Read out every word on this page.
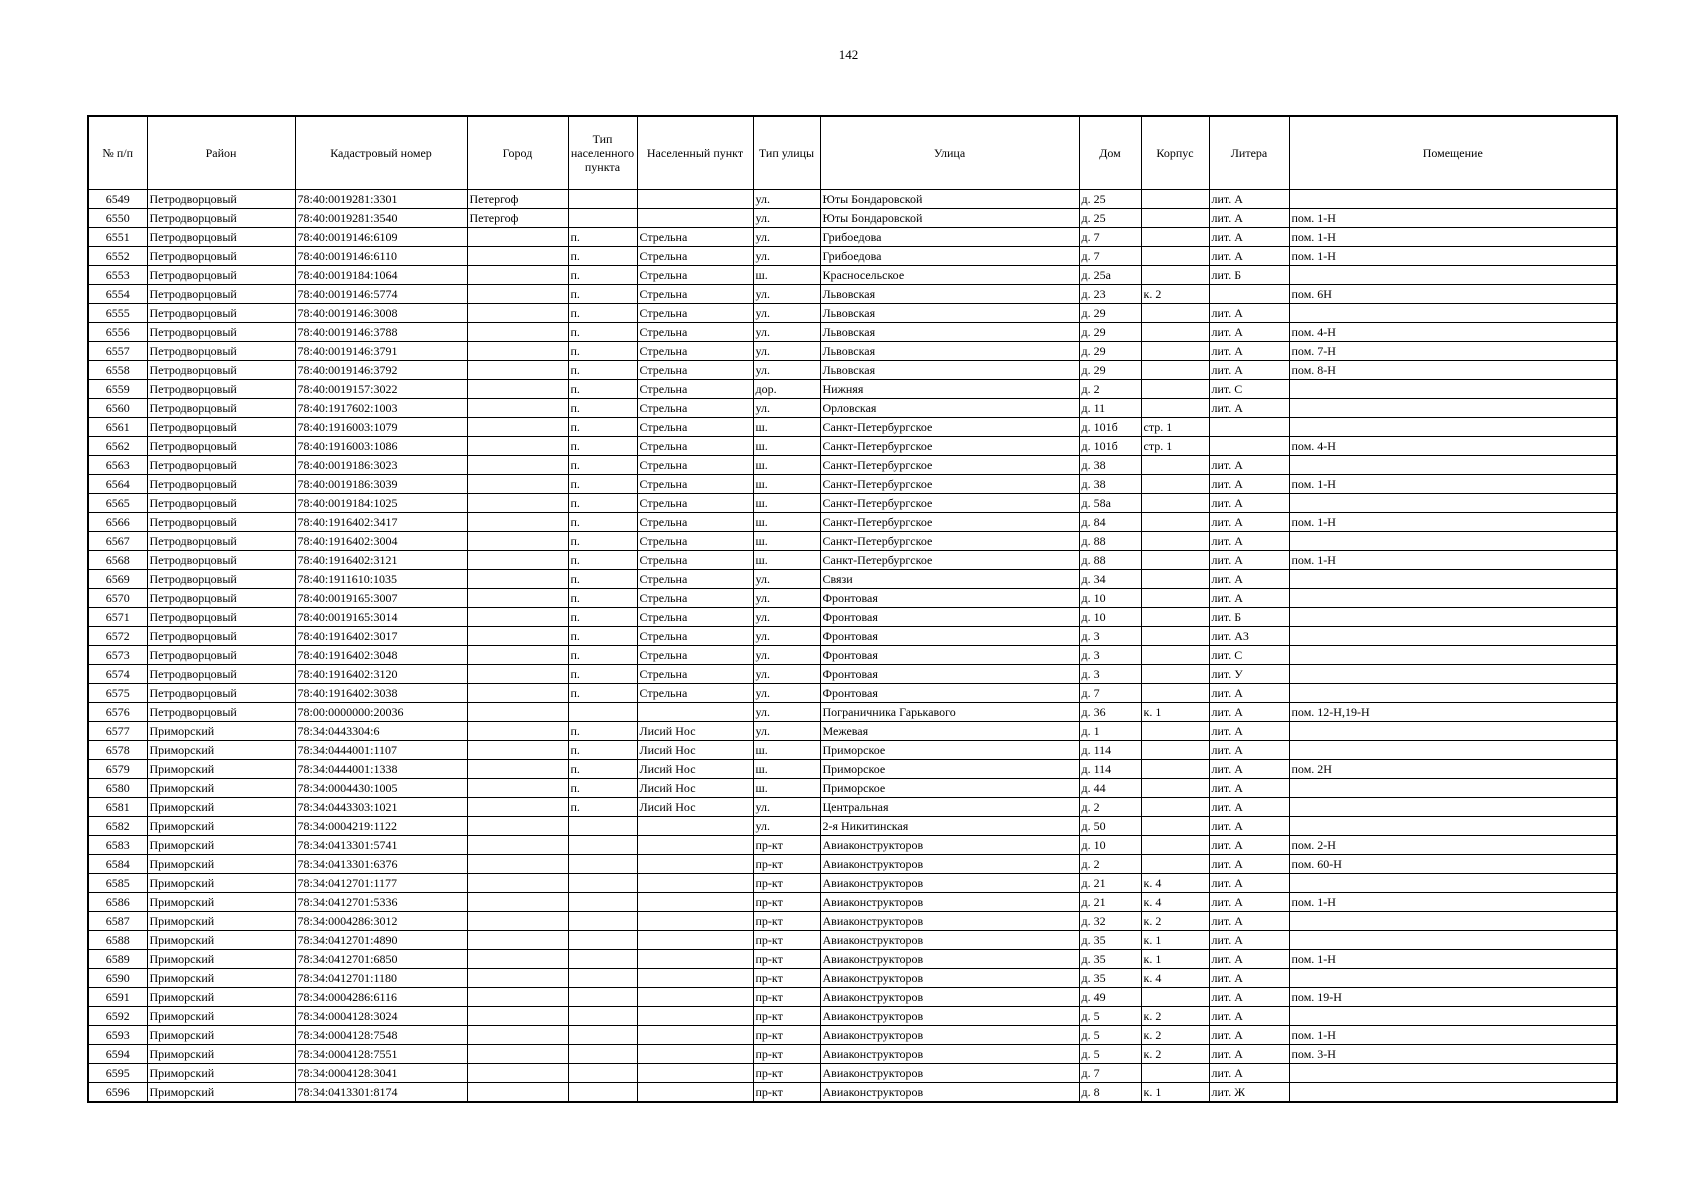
142
№ п/п	Район	Кадастровый номер	Город	Тип населенного пункта	Населенный пункт	Тип улицы	Улица	Дом	Корпус	Литера	Помещение
6549	Петродворцовый	78:40:0019281:3301	Петергоф			ул.	Юты Бондаровской	д. 25		лит. А	
6550	Петродворцовый	78:40:0019281:3540	Петергоф			ул.	Юты Бондаровской	д. 25		лит. А	пом. 1-Н
6551	Петродворцовый	78:40:0019146:6109		п.	Стрельна	ул.	Грибоедова	д. 7		лит. А	пом. 1-Н
6552	Петродворцовый	78:40:0019146:6110		п.	Стрельна	ул.	Грибоедова	д. 7		лит. А	пом. 1-Н
6553	Петродворцовый	78:40:0019184:1064		п.	Стрельна	ш.	Красносельское	д. 25а		лит. Б	
6554	Петродворцовый	78:40:0019146:5774		п.	Стрельна	ул.	Львовская	д. 23	к. 2		пом. 6Н
6555	Петродворцовый	78:40:0019146:3008		п.	Стрельна	ул.	Львовская	д. 29		лит. А	
6556	Петродворцовый	78:40:0019146:3788		п.	Стрельна	ул.	Львовская	д. 29		лит. А	пом. 4-Н
6557	Петродворцовый	78:40:0019146:3791		п.	Стрельна	ул.	Львовская	д. 29		лит. А	пом. 7-Н
6558	Петродворцовый	78:40:0019146:3792		п.	Стрельна	ул.	Львовская	д. 29		лит. А	пом. 8-Н
6559	Петродворцовый	78:40:0019157:3022		п.	Стрельна	дор.	Нижняя	д. 2		лит. С	
6560	Петродворцовый	78:40:1917602:1003		п.	Стрельна	ул.	Орловская	д. 11		лит. А	
6561	Петродворцовый	78:40:1916003:1079		п.	Стрельна	ш.	Санкт-Петербургское	д. 101б	стр. 1		
6562	Петродворцовый	78:40:1916003:1086		п.	Стрельна	ш.	Санкт-Петербургское	д. 101б	стр. 1		пом. 4-Н
6563	Петродворцовый	78:40:0019186:3023		п.	Стрельна	ш.	Санкт-Петербургское	д. 38		лит. А	
6564	Петродворцовый	78:40:0019186:3039		п.	Стрельна	ш.	Санкт-Петербургское	д. 38		лит. А	пом. 1-Н
6565	Петродворцовый	78:40:0019184:1025		п.	Стрельна	ш.	Санкт-Петербургское	д. 58а		лит. А	
6566	Петродворцовый	78:40:1916402:3417		п.	Стрельна	ш.	Санкт-Петербургское	д. 84		лит. А	пом. 1-Н
6567	Петродворцовый	78:40:1916402:3004		п.	Стрельна	ш.	Санкт-Петербургское	д. 88		лит. А	
6568	Петродворцовый	78:40:1916402:3121		п.	Стрельна	ш.	Санкт-Петербургское	д. 88		лит. А	пом. 1-Н
6569	Петродворцовый	78:40:1911610:1035		п.	Стрельна	ул.	Связи	д. 34		лит. А	
6570	Петродворцовый	78:40:0019165:3007		п.	Стрельна	ул.	Фронтовая	д. 10		лит. А	
6571	Петродворцовый	78:40:0019165:3014		п.	Стрельна	ул.	Фронтовая	д. 10		лит. Б	
6572	Петродворцовый	78:40:1916402:3017		п.	Стрельна	ул.	Фронтовая	д. 3		лит. А3	
6573	Петродворцовый	78:40:1916402:3048		п.	Стрельна	ул.	Фронтовая	д. 3		лит. С	
6574	Петродворцовый	78:40:1916402:3120		п.	Стрельна	ул.	Фронтовая	д. 3		лит. У	
6575	Петродворцовый	78:40:1916402:3038		п.	Стрельна	ул.	Фронтовая	д. 7		лит. А	
6576	Петродворцовый	78:00:0000000:20036				ул.	Пограничника Гарькавого	д. 36	к. 1	лит. А	пом. 12-Н,19-Н
6577	Приморский	78:34:0443304:6		п.	Лисий Нос	ул.	Межевая	д. 1		лит. А	
6578	Приморский	78:34:0444001:1107		п.	Лисий Нос	ш.	Приморское	д. 114		лит. А	
6579	Приморский	78:34:0444001:1338		п.	Лисий Нос	ш.	Приморское	д. 114		лит. А	пом. 2Н
6580	Приморский	78:34:0004430:1005		п.	Лисий Нос	ш.	Приморское	д. 44		лит. А	
6581	Приморский	78:34:0443303:1021		п.	Лисий Нос	ул.	Центральная	д. 2		лит. А	
6582	Приморский	78:34:0004219:1122				ул.	2-я Никитинская	д. 50		лит. А	
6583	Приморский	78:34:0413301:5741				пр-кт	Авиаконструкторов	д. 10		лит. А	пом. 2-Н
6584	Приморский	78:34:0413301:6376				пр-кт	Авиаконструкторов	д. 2		лит. А	пом. 60-Н
6585	Приморский	78:34:0412701:1177				пр-кт	Авиаконструкторов	д. 21	к. 4	лит. А	
6586	Приморский	78:34:0412701:5336				пр-кт	Авиаконструкторов	д. 21	к. 4	лит. А	пом. 1-Н
6587	Приморский	78:34:0004286:3012				пр-кт	Авиаконструкторов	д. 32	к. 2	лит. А	
6588	Приморский	78:34:0412701:4890				пр-кт	Авиаконструкторов	д. 35	к. 1	лит. А	
6589	Приморский	78:34:0412701:6850				пр-кт	Авиаконструкторов	д. 35	к. 1	лит. А	пом. 1-Н
6590	Приморский	78:34:0412701:1180				пр-кт	Авиаконструкторов	д. 35	к. 4	лит. А	
6591	Приморский	78:34:0004286:6116				пр-кт	Авиаконструкторов	д. 49		лит. А	пом. 19-Н
6592	Приморский	78:34:0004128:3024				пр-кт	Авиаконструкторов	д. 5	к. 2	лит. А	
6593	Приморский	78:34:0004128:7548				пр-кт	Авиаконструкторов	д. 5	к. 2	лит. А	пом. 1-Н
6594	Приморский	78:34:0004128:7551				пр-кт	Авиаконструкторов	д. 5	к. 2	лит. А	пом. 3-Н
6595	Приморский	78:34:0004128:3041				пр-кт	Авиаконструкторов	д. 7		лит. А	
6596	Приморский	78:34:0413301:8174				пр-кт	Авиаконструкторов	д. 8	к. 1	лит. Ж	
